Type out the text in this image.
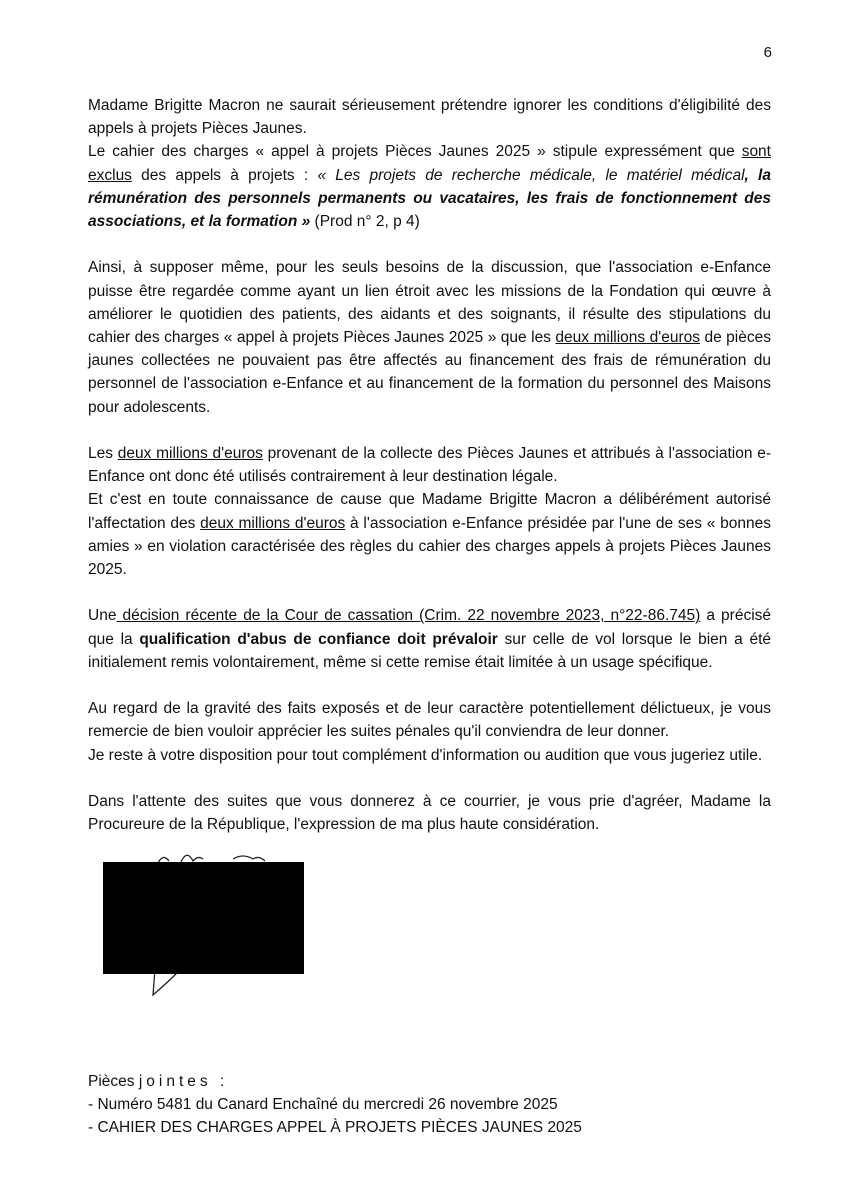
6

Madame Brigitte Macron ne saurait sérieusement prétendre ignorer les conditions d'éligibilité des appels à projets Pièces Jaunes.

Le cahier des charges « appel à projets Pièces Jaunes 2025 » stipule expressément que sont exclus des appels à projets : « Les projets de recherche médicale, le matériel médical, la rémunération des personnels permanents ou vacataires, les frais de fonctionnement des associations, et la formation » (Prod n° 2, p 4)

Ainsi, à supposer même, pour les seuls besoins de la discussion, que l'association e-Enfance puisse être regardée comme ayant un lien étroit avec les missions de la Fondation qui œuvre à améliorer le quotidien des patients, des aidants et des soignants, il résulte des stipulations du cahier des charges « appel à projets Pièces Jaunes 2025 » que les deux millions d'euros de pièces jaunes collectées ne pouvaient pas être affectés au financement des frais de rémunération du personnel de l'association e-Enfance et au financement de la formation du personnel des Maisons pour adolescents.

Les deux millions d'euros provenant de la collecte des Pièces Jaunes et attribués à l'association e-Enfance ont donc été utilisés contrairement à leur destination légale.

Et c'est en toute connaissance de cause que Madame Brigitte Macron a délibérément autorisé l'affectation des deux millions d'euros à l'association e-Enfance présidée par l'une de ses « bonnes amies » en violation caractérisée des règles du cahier des charges appels à projets Pièces Jaunes 2025.

Une décision récente de la Cour de cassation (Crim. 22 novembre 2023, n°22-86.745) a précisé que la qualification d'abus de confiance doit prévaloir sur celle de vol lorsque le bien a été initialement remis volontairement, même si cette remise était limitée à un usage spécifique.

Au regard de la gravité des faits exposés et de leur caractère potentiellement délictueux, je vous remercie de bien vouloir apprécier les suites pénales qu'il conviendra de leur donner.

Je reste à votre disposition pour tout complément d'information ou audition que vous jugeriez utile.

Dans l'attente des suites que vous donnerez à ce courrier, je vous prie d'agréer, Madame la Procureure de la République, l'expression de ma plus haute considération.

Pièces jointes :
- Numéro 5481 du Canard Enchaîné du mercredi 26 novembre 2025
- CAHIER DES CHARGES APPEL À PROJETS PIÈCES JAUNES 2025
